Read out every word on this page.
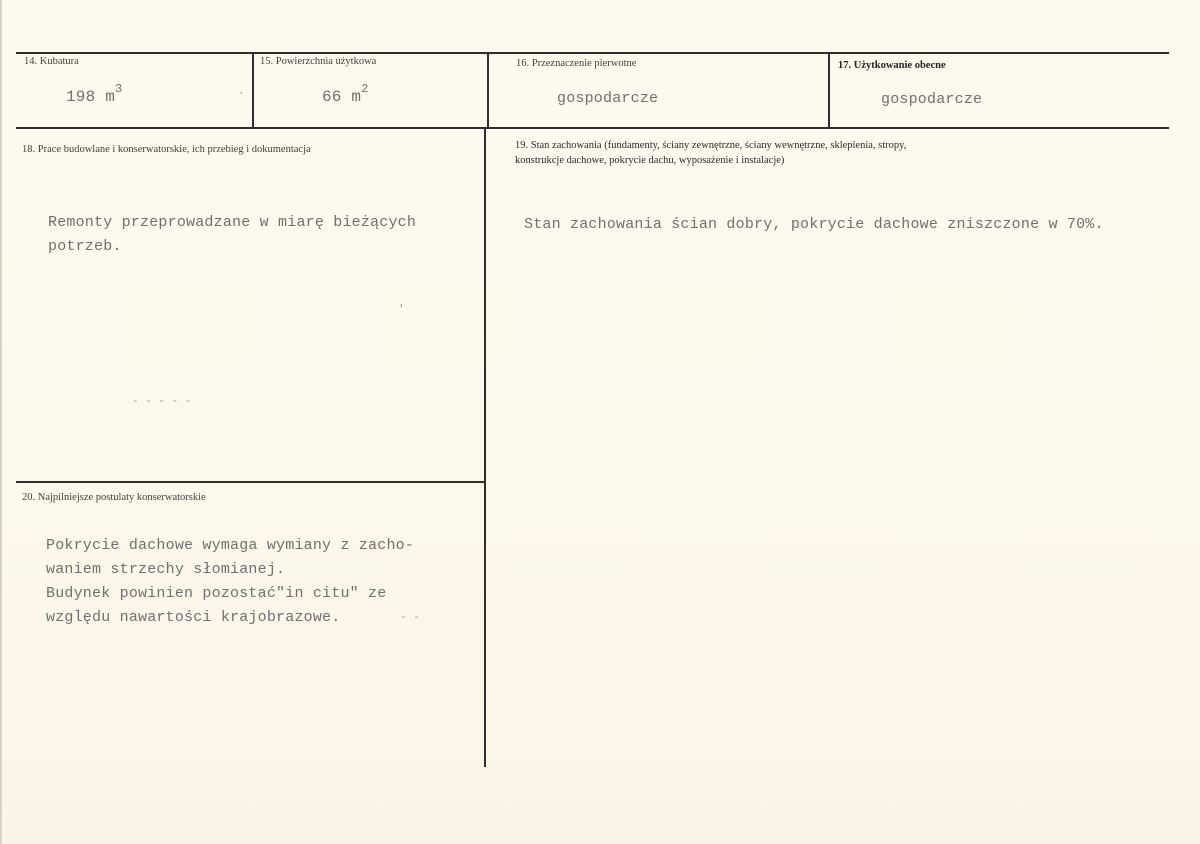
14. Kubatura
198 $m^3$
15. Powierzchnia użytkowa
66 $m^2$
16. Przeznaczenie pierwotne
gospodarcze
17. Użytkowanie obecne
gospodarcze
18. Prace budowlane i konserwatorskie, ich przebieg i dokumentacja
Remonty przeprowadzane w miarę bieżących
potrzeb.
19. Stan zachowania (fundamenty, ściany zewnętrzne, ściany wewnętrzne, sklepienia, stropy,
konstrukcje dachowe, pokrycie dachu, wyposażenie i instalacje)
Stan zachowania ścian dobry, pokrycie dachowe zniszczone w 70%.
20. Najpilniejsze postulaty konserwatorskie
Pokrycie dachowe wymaga wymiany z zacho-
waniem strzechy słomianej.
Budynek powinien pozostać"in citu" ze
względu nawartości krajobrazowe.
·
- - - - -
'
- -
